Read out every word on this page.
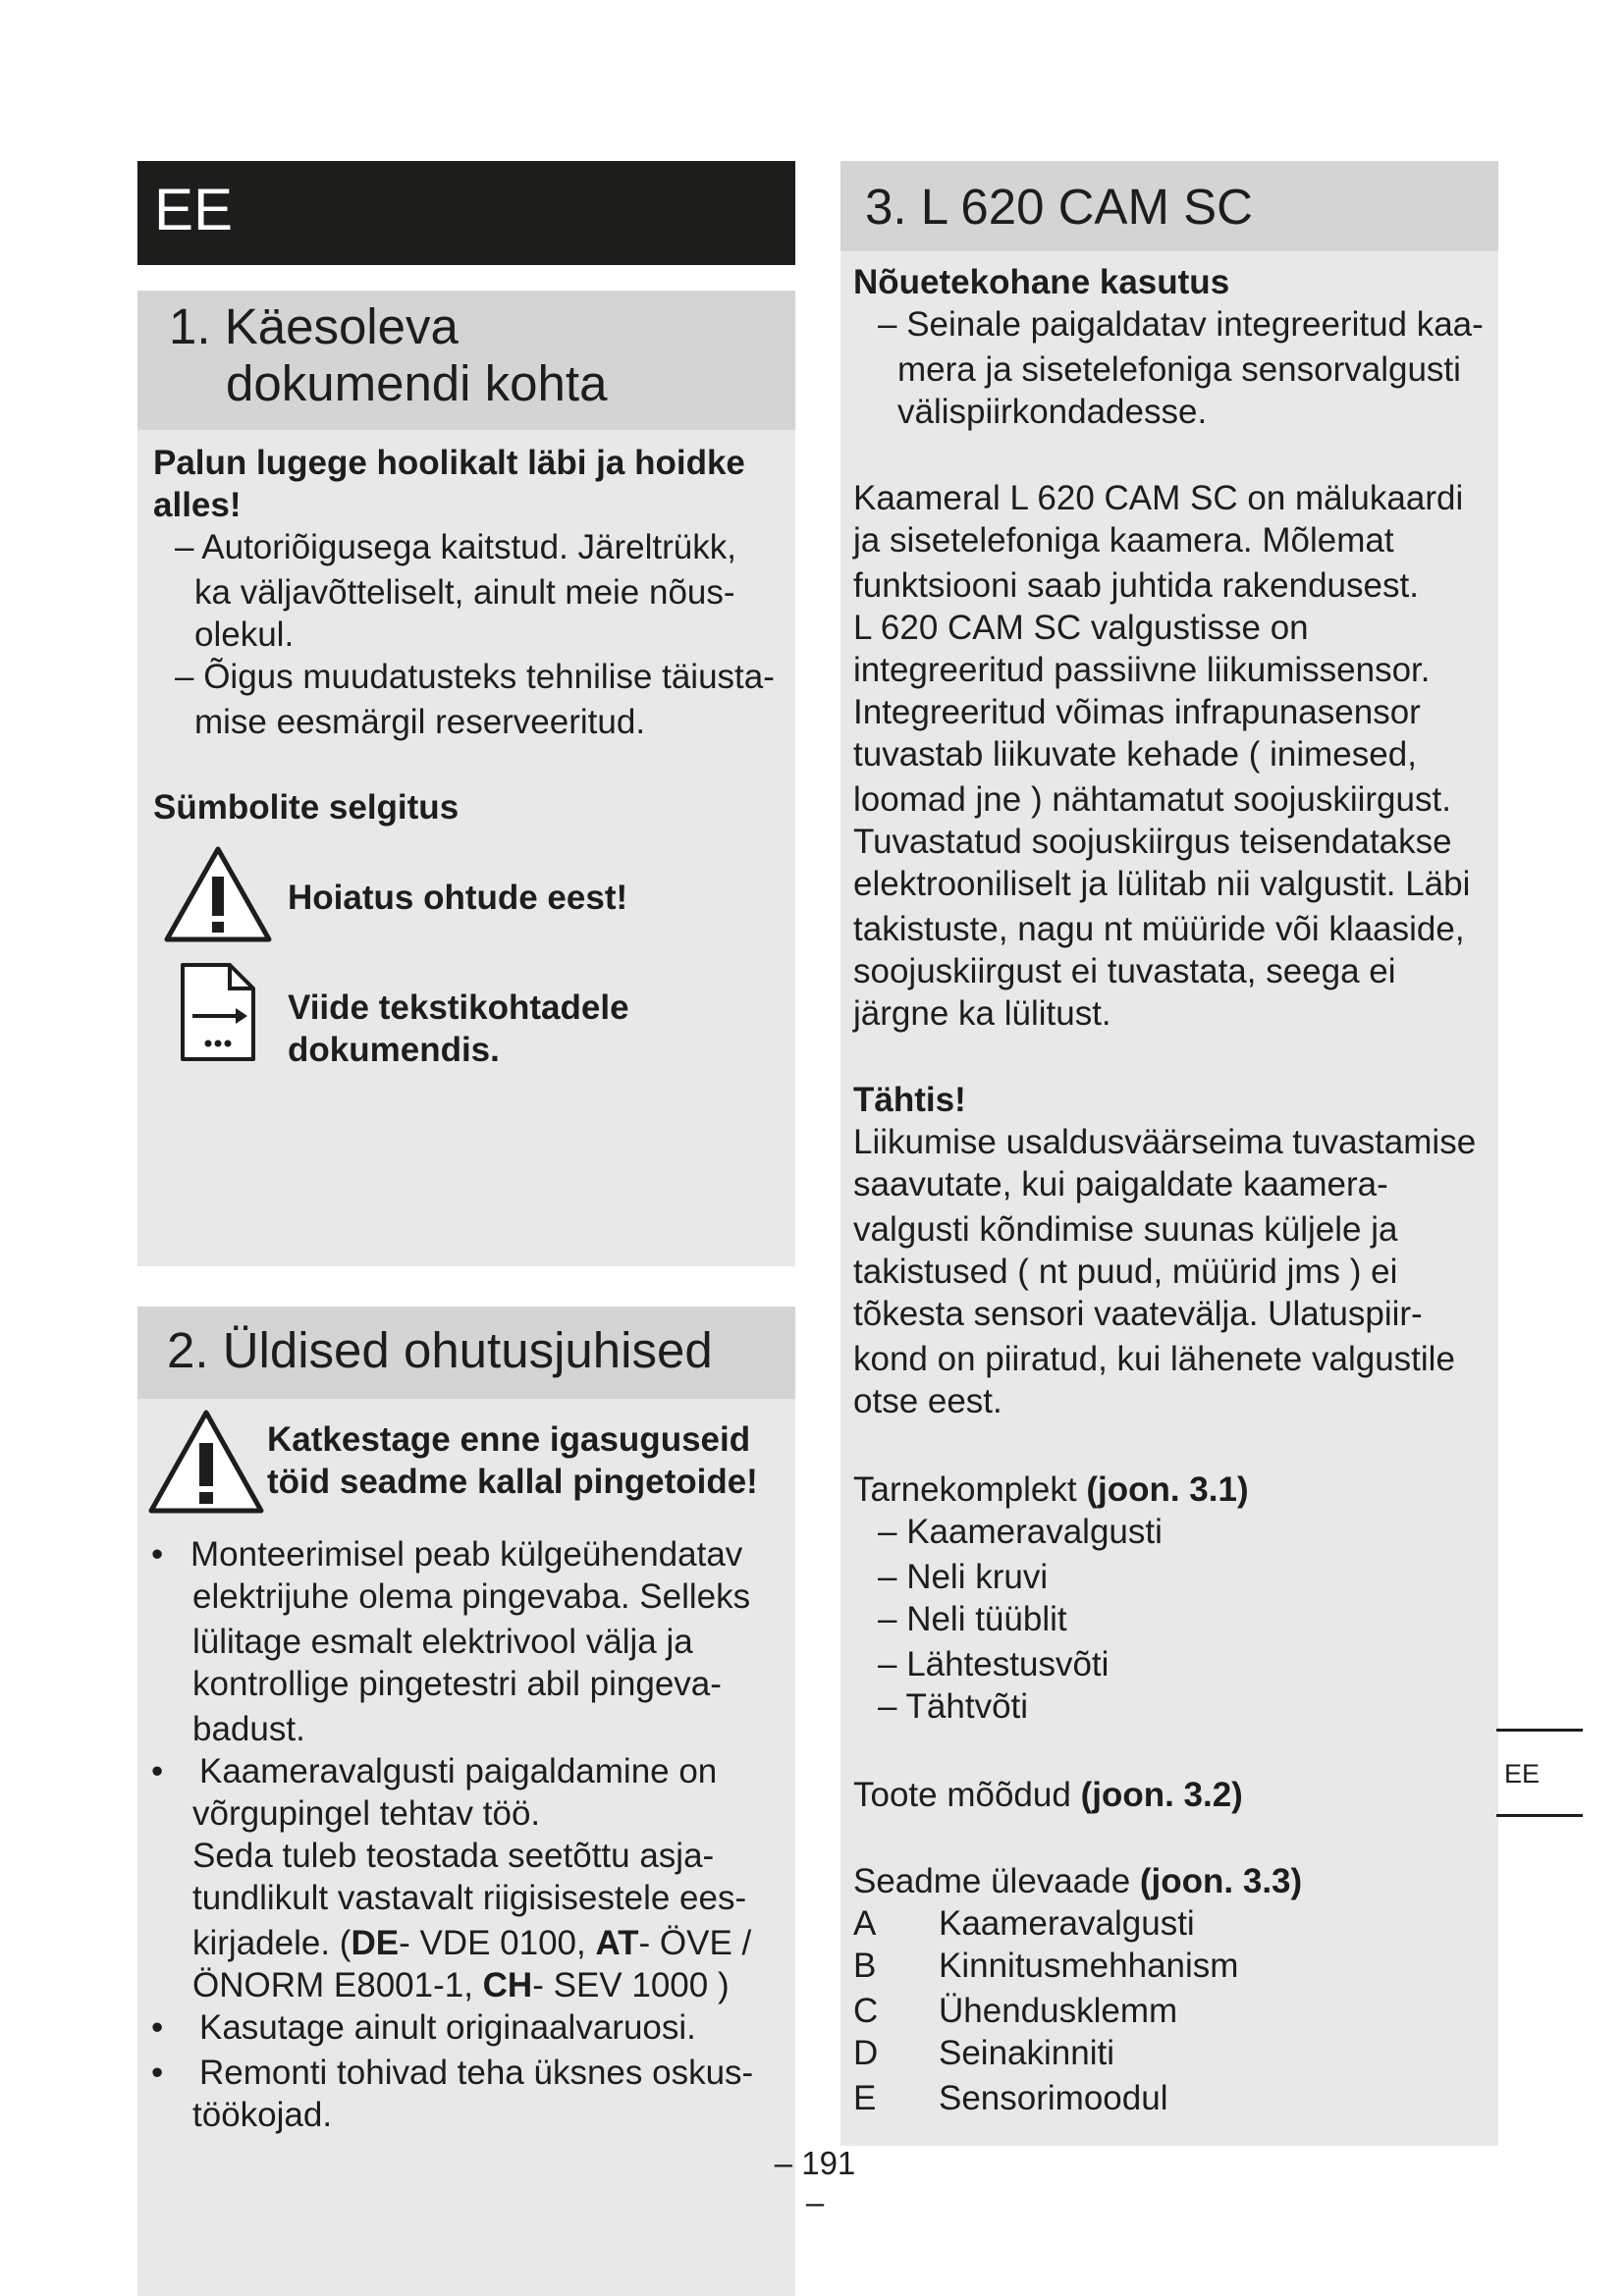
EE
1. Käesoleva
dokumendi kohta
Palun lugege hoolikalt läbi ja hoidke
alles!
– Autoriõigusega kaitstud. Järeltrükk,
ka väljavõtteliselt, ainult meie nõus-
olekul.
– Õigus muudatusteks tehnilise täiusta-
mise eesmärgil reserveeritud.
Sümbolite selgitus
Hoiatus ohtude eest!
Viide tekstikohtadele
dokumendis.
2. Üldised ohutusjuhised
Katkestage enne igasuguseid
töid seadme kallal pingetoide!
• Monteerimisel peab külgeühendatav
elektrijuhe olema pingevaba. Selleks
lülitage esmalt elektrivool välja ja
kontrollige pingetestri abil pingeva-
badust.
• Kaameravalgusti paigaldamine on
võrgupingel tehtav töö.
Seda tuleb teostada seetõttu asja-
tundlikult vastavalt riigisisestele ees-
kirjadele. (DE- VDE 0100, AT- ÖVE /
ÖNORM E8001-1, CH- SEV 1000 )
• Kasutage ainult originaalvaruosi.
• Remonti tohivad teha üksnes oskus-
töökojad.
3. L 620 CAM SC
Nõuetekohane kasutus
– Seinale paigaldatav integreeritud kaa-
mera ja sisetelefoniga sensorvalgusti
välispiirkondadesse.
Kaameral L 620 CAM SC on mälukaardi
ja sisetelefoniga kaamera. Mõlemat
funktsiooni saab juhtida rakendusest.
L 620 CAM SC valgustisse on
integreeritud passiivne liikumissensor.
Integreeritud võimas infrapunasensor
tuvastab liikuvate kehade ( inimesed,
loomad jne ) nähtamatut soojuskiirgust.
Tuvastatud soojuskiirgus teisendatakse
elektrooniliselt ja lülitab nii valgustit. Läbi
takistuste, nagu nt müüride või klaaside,
soojuskiirgust ei tuvastata, seega ei
järgne ka lülitust.
Tähtis!
Liikumise usaldusväärseima tuvastamise
saavutate, kui paigaldate kaamera-
valgusti kõndimise suunas küljele ja
takistused ( nt puud, müürid jms ) ei
tõkesta sensori vaatevälja. Ulatuspiir-
kond on piiratud, kui lähenete valgustile
otse eest.
Tarnekomplekt (joon. 3.1)
– Kaameravalgusti
– Neli kruvi
– Neli tüüblit
– Lähtestusvõti
– Tähtvõti
Toote mõõdud (joon. 3.2)
Seadme ülevaade (joon. 3.3)
A Kaameravalgusti
B Kinnitusmehhanism
C Ühendusklemm
D Seinakinniti
E Sensorimoodul
EE
– 191 –
